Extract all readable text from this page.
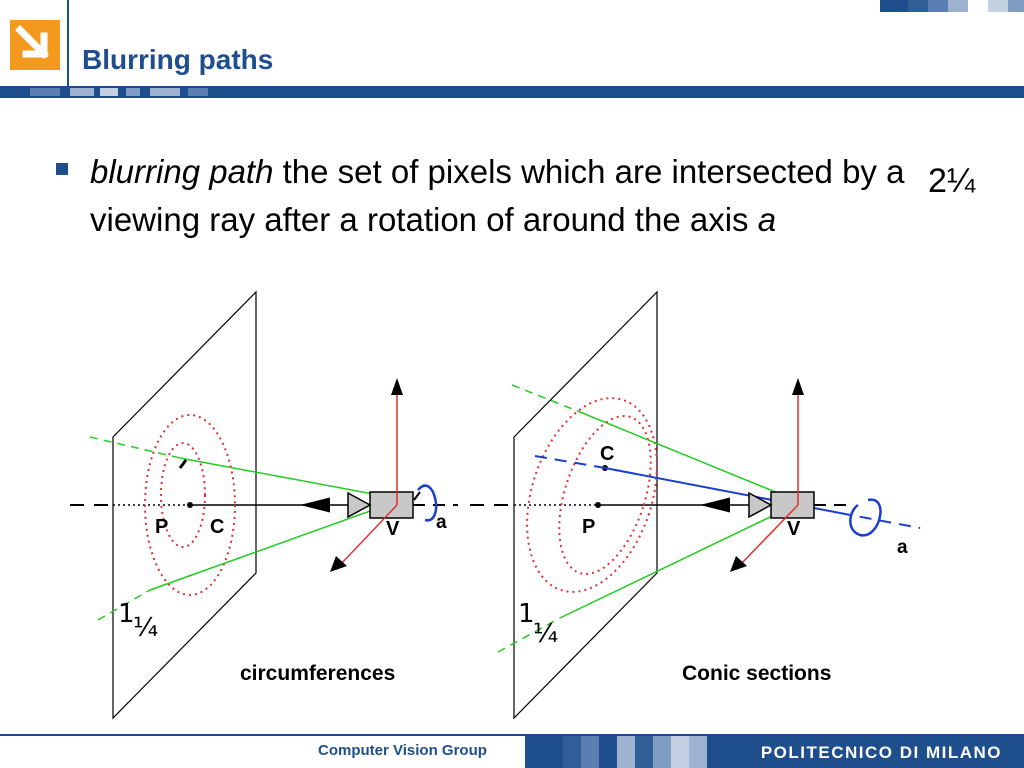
Blurring paths
blurring path the set of pixels which are intersected by a viewing ray after a rotation of around the axis a
2¼
P C	V a
1
¼
circumferences
C
P	V
a
1
¼
Conic sections
Computer Vision Group	POLITECNICO DI MILANO
